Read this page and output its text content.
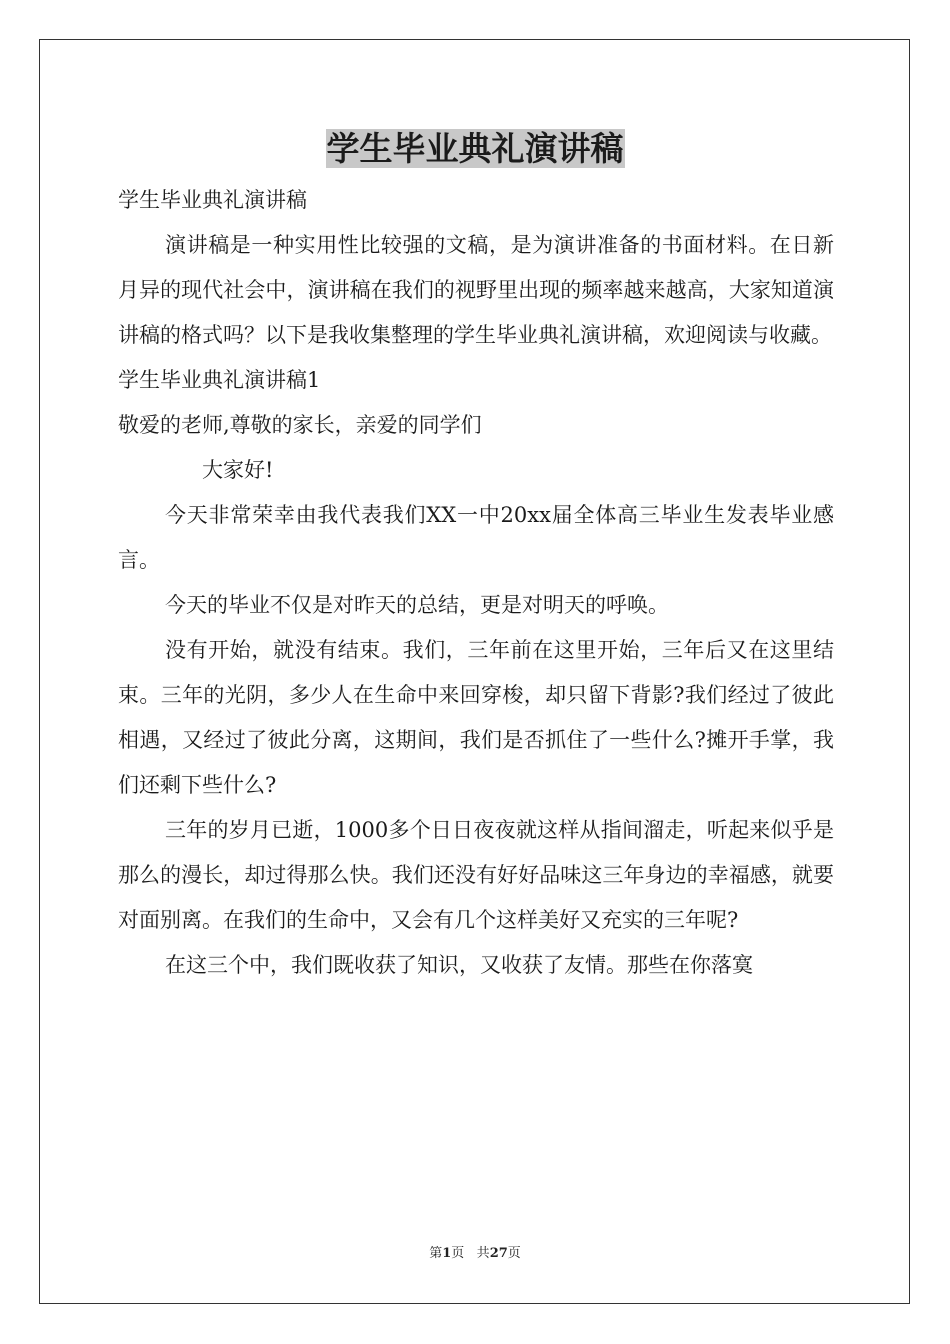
学生毕业典礼演讲稿

学生毕业典礼演讲稿

演讲稿是一种实用性比较强的文稿，是为演讲准备的书面材料。在日新月异的现代社会中，演讲稿在我们的视野里出现的频率越来越高，大家知道演讲稿的格式吗？以下是我收集整理的学生毕业典礼演讲稿，欢迎阅读与收藏。

学生毕业典礼演讲稿1

敬爱的老师,尊敬的家长，亲爱的同学们

大家好!

今天非常荣幸由我代表我们XX一中20xx届全体高三毕业生发表毕业感言。

今天的毕业不仅是对昨天的总结，更是对明天的呼唤。

没有开始，就没有结束。我们，三年前在这里开始，三年后又在这里结束。三年的光阴，多少人在生命中来回穿梭，却只留下背影?我们经过了彼此相遇，又经过了彼此分离，这期间，我们是否抓住了一些什么?摊开手掌，我们还剩下些什么?

三年的岁月已逝，1000多个日日夜夜就这样从指间溜走，听起来似乎是那么的漫长，却过得那么快。我们还没有好好品味这三年身边的幸福感，就要对面别离。在我们的生命中，又会有几个这样美好又充实的三年呢?

在这三个中，我们既收获了知识，又收获了友情。那些在你落寞

第1页 共27页
